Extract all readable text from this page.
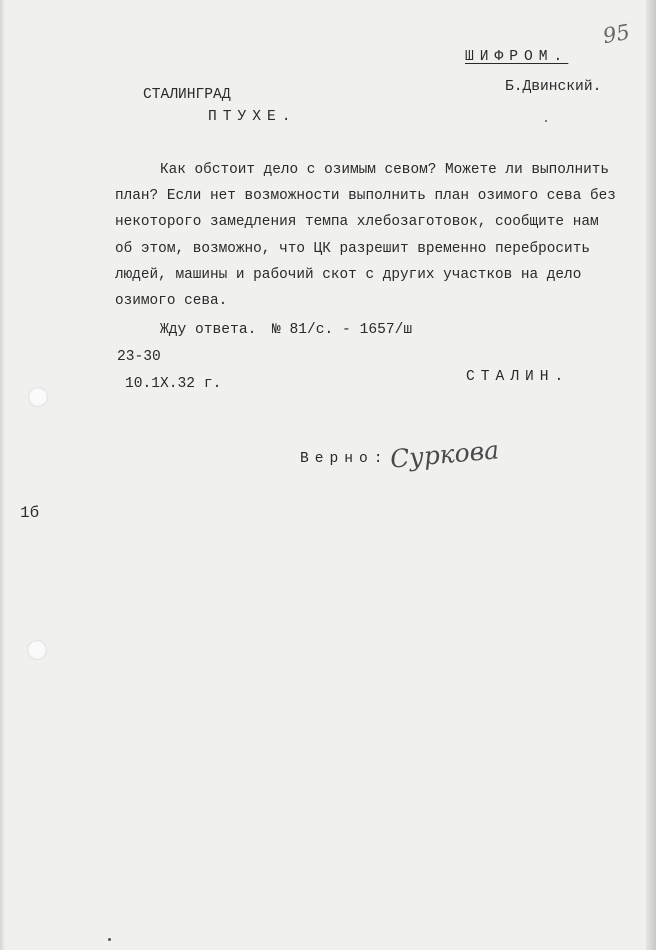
95
ШИФРОМ.
Б.Двинский.
СТАЛИНГРАД
ПТУХЕ.
Как обстоит дело с озимым севом? Можете ли выполнить
план? Если нет возможности выполнить план озимого сева без
некоторого замедления темпа хлебозаготовок, сообщите нам
об этом, возможно, что ЦК разрешит временно перебросить
людей, машины и рабочий скот с других участков на дело
озимого сева.
Жду ответа. № 81/с. - 1657/ш
23-30
10.1Х.32 г.	СТАЛИН.
Верно: Суркова
1б
